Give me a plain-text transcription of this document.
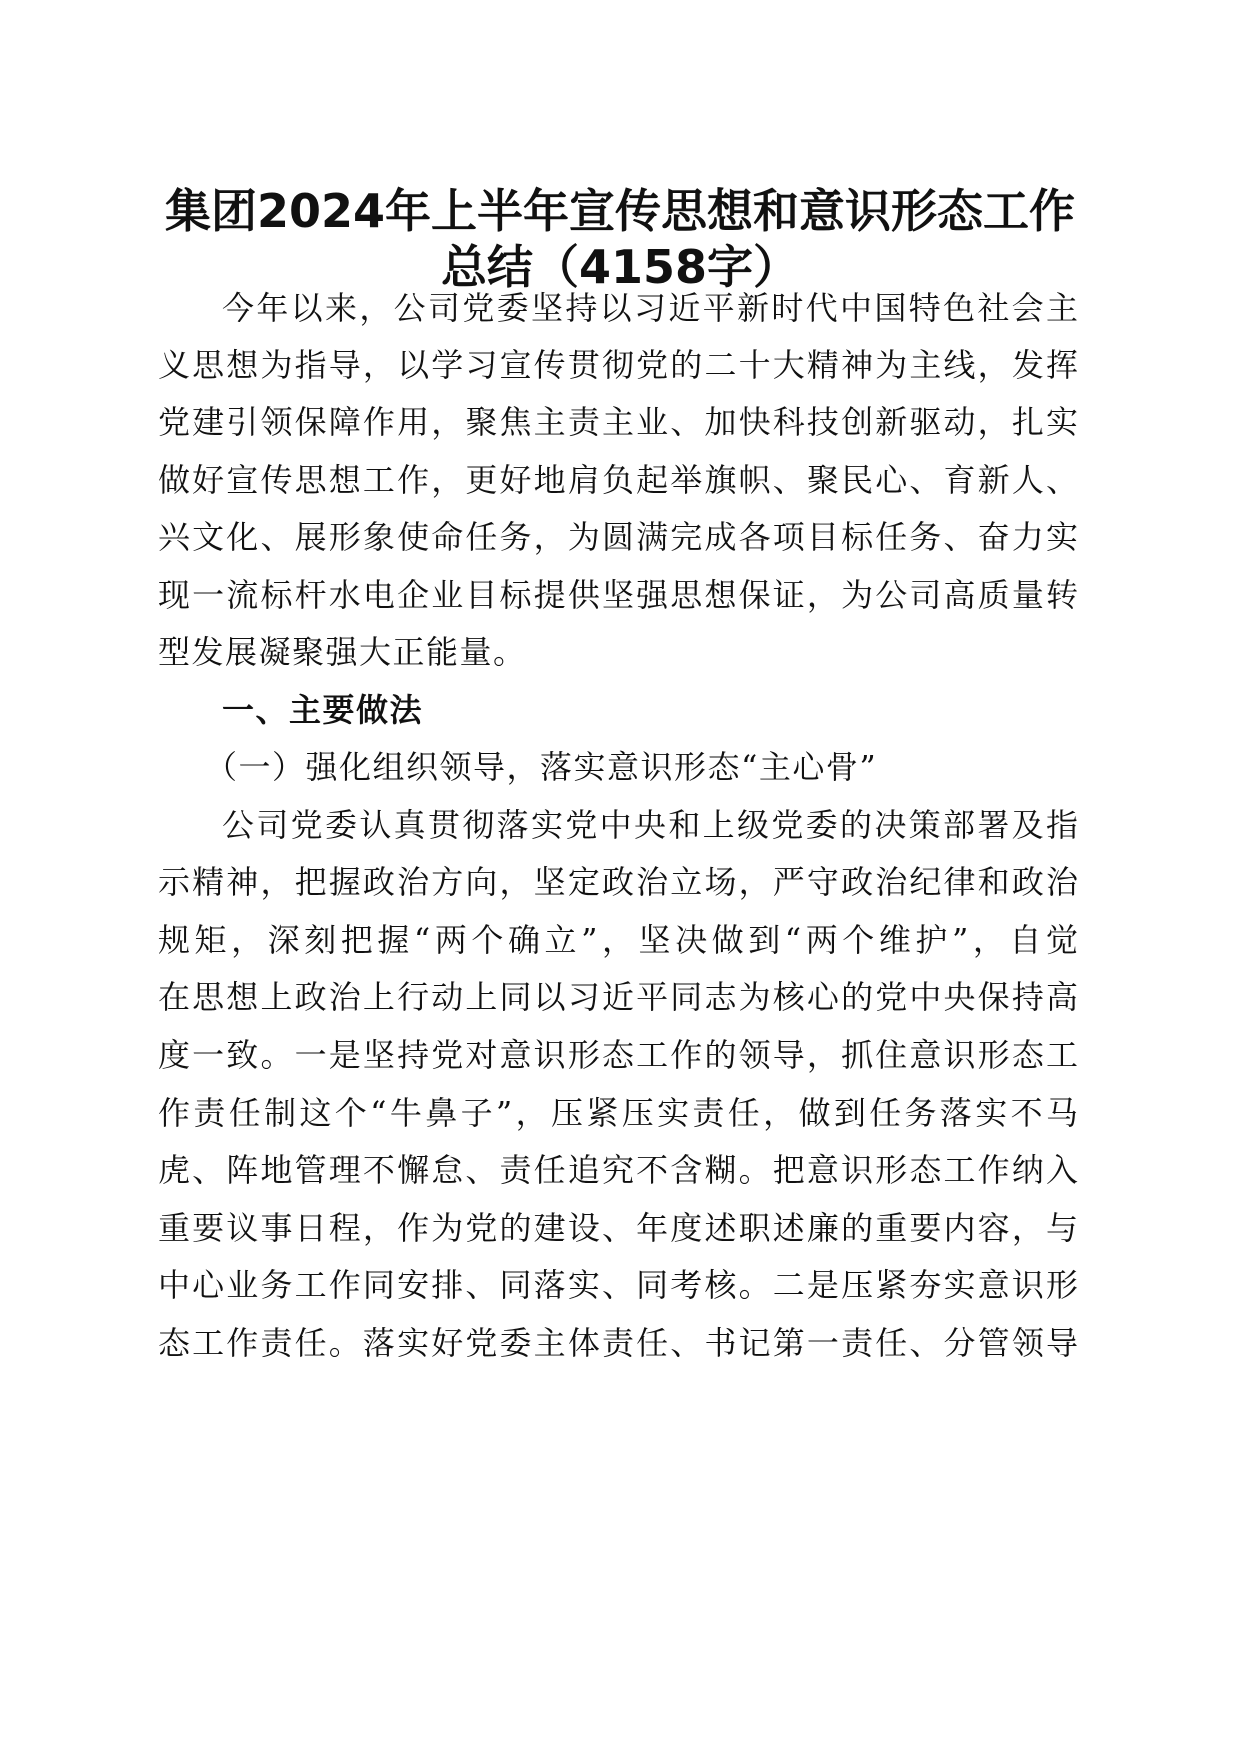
集团2024年上半年宣传思想和意识形态工作
总结（4158字）
今年以来，公司党委坚持以习近平新时代中国特色社会主
义思想为指导，以学习宣传贯彻党的二十大精神为主线，发挥
党建引领保障作用，聚焦主责主业、加快科技创新驱动，扎实
做好宣传思想工作，更好地肩负起举旗帜、聚民心、育新人、
兴文化、展形象使命任务，为圆满完成各项目标任务、奋力实
现一流标杆水电企业目标提供坚强思想保证，为公司高质量转
型发展凝聚强大正能量。
一、主要做法
（一）强化组织领导，落实意识形态“主心骨”
公司党委认真贯彻落实党中央和上级党委的决策部署及指
示精神，把握政治方向，坚定政治立场，严守政治纪律和政治
规矩，深刻把握“两个确立”，坚决做到“两个维护”，自觉
在思想上政治上行动上同以习近平同志为核心的党中央保持高
度一致。一是坚持党对意识形态工作的领导，抓住意识形态工
作责任制这个“牛鼻子”，压紧压实责任，做到任务落实不马
虎、阵地管理不懈怠、责任追究不含糊。把意识形态工作纳入
重要议事日程，作为党的建设、年度述职述廉的重要内容，与
中心业务工作同安排、同落实、同考核。二是压紧夯实意识形
态工作责任。落实好党委主体责任、书记第一责任、分管领导
